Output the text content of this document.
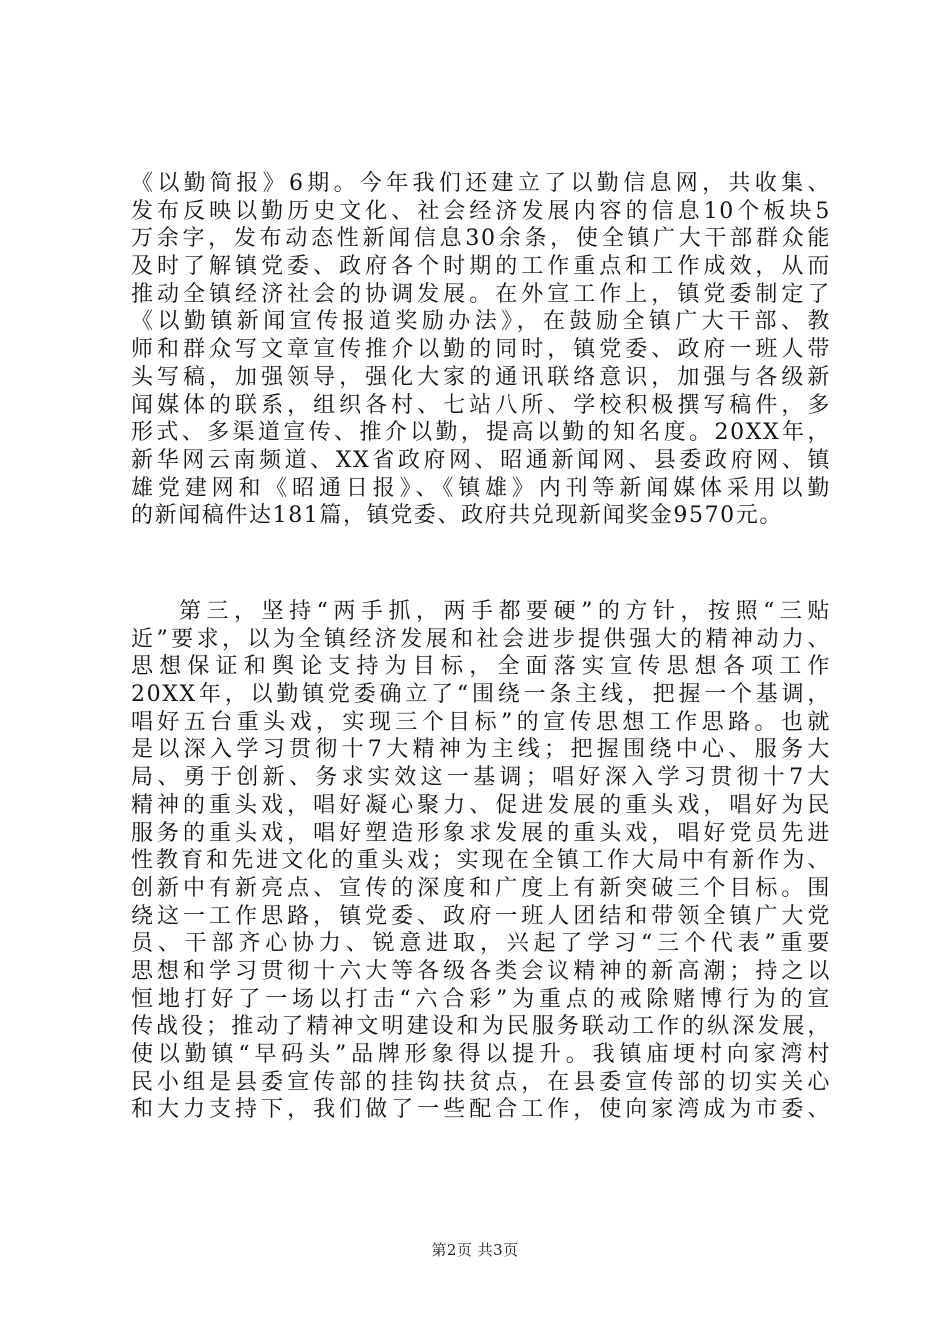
《以勤简报》6期。今年我们还建立了以勤信息网，共收集、
发布反映以勤历史文化、社会经济发展内容的信息10个板块5
万余字，发布动态性新闻信息30余条，使全镇广大干部群众能
及时了解镇党委、政府各个时期的工作重点和工作成效，从而
推动全镇经济社会的协调发展。在外宣工作上，镇党委制定了
《以勤镇新闻宣传报道奖励办法》，在鼓励全镇广大干部、教
师和群众写文章宣传推介以勤的同时，镇党委、政府一班人带
头写稿，加强领导，强化大家的通讯联络意识，加强与各级新
闻媒体的联系，组织各村、七站八所、学校积极撰写稿件，多
形式、多渠道宣传、推介以勤，提高以勤的知名度。20XX年，
新华网云南频道、XX省政府网、昭通新闻网、县委政府网、镇
雄党建网和《昭通日报》、《镇雄》内刊等新闻媒体采用以勤
的新闻稿件达181篇，镇党委、政府共兑现新闻奖金9570元。
第三，坚持“两手抓，两手都要硬”的方针，按照“三贴
近”要求，以为全镇经济发展和社会进步提供强大的精神动力、
思想保证和舆论支持为目标，全面落实宣传思想各项工作
20XX年，以勤镇党委确立了“围绕一条主线，把握一个基调，
唱好五台重头戏，实现三个目标”的宣传思想工作思路。也就
是以深入学习贯彻十7大精神为主线；把握围绕中心、服务大
局、勇于创新、务求实效这一基调；唱好深入学习贯彻十7大
精神的重头戏，唱好凝心聚力、促进发展的重头戏，唱好为民
服务的重头戏，唱好塑造形象求发展的重头戏，唱好党员先进
性教育和先进文化的重头戏；实现在全镇工作大局中有新作为、
创新中有新亮点、宣传的深度和广度上有新突破三个目标。围
绕这一工作思路，镇党委、政府一班人团结和带领全镇广大党
员、干部齐心协力、锐意进取，兴起了学习“三个代表”重要
思想和学习贯彻十六大等各级各类会议精神的新高潮；持之以
恒地打好了一场以打击“六合彩”为重点的戒除赌博行为的宣
传战役；推动了精神文明建设和为民服务联动工作的纵深发展，
使以勤镇“早码头”品牌形象得以提升。我镇庙埂村向家湾村
民小组是县委宣传部的挂钩扶贫点，在县委宣传部的切实关心
和大力支持下，我们做了一些配合工作，使向家湾成为市委、
第2页 共3页
